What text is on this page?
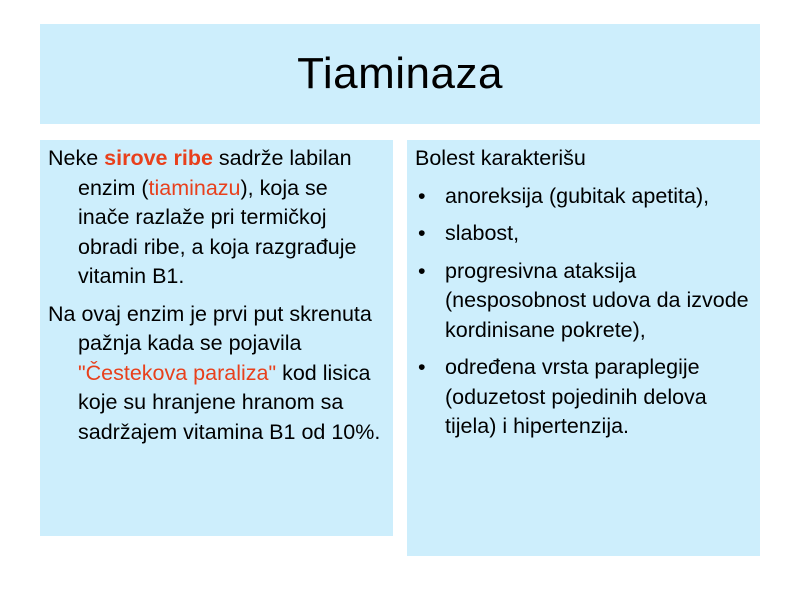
Tiaminaza

Neke sirove ribe sadrže labilan enzim (tiaminazu), koja se inače razlaže pri termičkoj obradi ribe, a koja razgrađuje vitamin B1.

Na ovaj enzim je prvi put skrenuta pažnja kada se pojavila "Čestekova paraliza" kod lisica koje su hranjene hranom sa sadržajem vitamina B1 od 10%.

Bolest karakterišu

• anoreksija (gubitak apetita),
• slabost,
• progresivna ataksija (nesposobnost udova da izvode kordinisane pokrete),
• određena vrsta paraplegije (oduzetost pojedinih delova tijela) i hipertenzija.
